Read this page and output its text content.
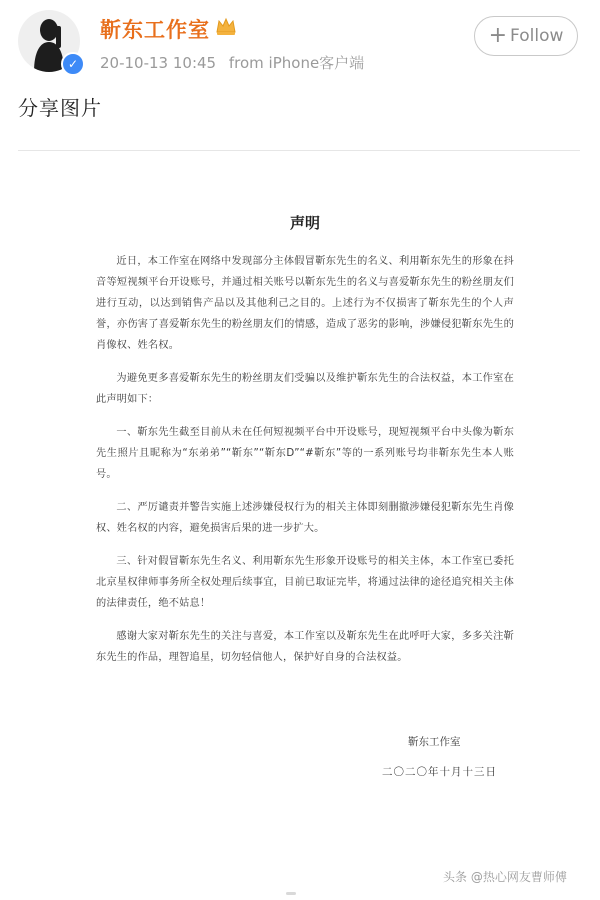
✓
靳东工作室
20-10-13 10:45 from iPhone客户端
+ Follow
分享图片
声明

近日，本工作室在网络中发现部分主体假冒靳东先生的名义、利用靳东先生的形象在抖音等短视频平台开设账号，并通过相关账号以靳东先生的名义与喜爱靳东先生的粉丝朋友们进行互动，以达到销售产品以及其他利己之目的。上述行为不仅损害了靳东先生的个人声誉，亦伤害了喜爱靳东先生的粉丝朋友们的情感，造成了恶劣的影响，涉嫌侵犯靳东先生的肖像权、姓名权。

为避免更多喜爱靳东先生的粉丝朋友们受骗以及维护靳东先生的合法权益，本工作室在此声明如下：

一、靳东先生截至目前从未在任何短视频平台中开设账号，现短视频平台中头像为靳东先生照片且昵称为“东弟弟”“靳东”“靳东D”“#靳东”等的一系列账号均非靳东先生本人账号。

二、严厉谴责并警告实施上述涉嫌侵权行为的相关主体即刻删撤涉嫌侵犯靳东先生肖像权、姓名权的内容，避免损害后果的进一步扩大。

三、针对假冒靳东先生名义、利用靳东先生形象开设账号的相关主体，本工作室已委托北京星权律师事务所全权处理后续事宜，目前已取证完毕，将通过法律的途径追究相关主体的法律责任，绝不姑息！

感谢大家对靳东先生的关注与喜爱，本工作室以及靳东先生在此呼吁大家，多多关注靳东先生的作品，理智追星，切勿轻信他人，保护好自身的合法权益。

靳东工作室
二〇二〇年十月十三日
头条 @热心网友曹师傅
